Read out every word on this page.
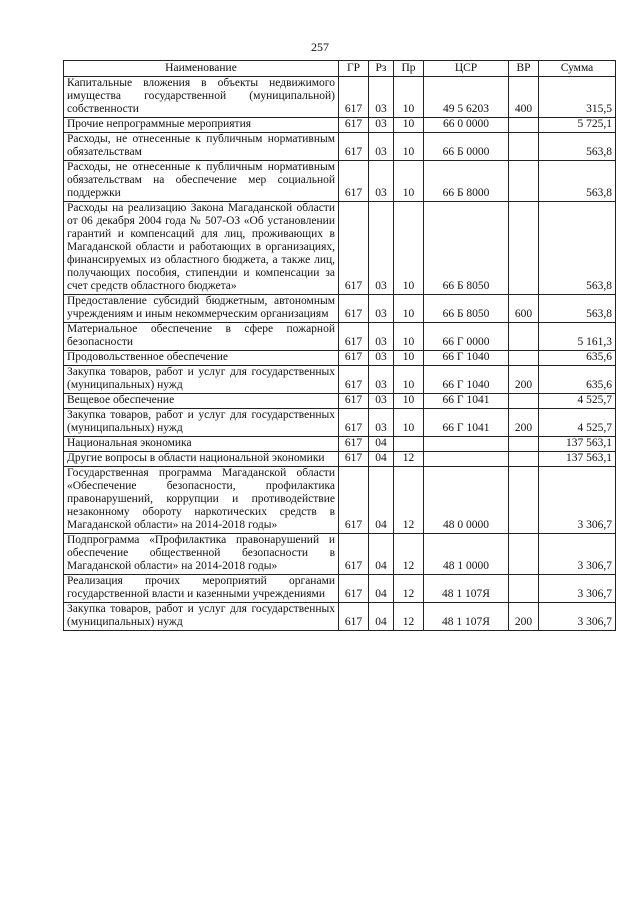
257
Наименование	ГР	Рз	Пр	ЦСР	ВР	Сумма
Капитальные вложения в объекты недвижимого имущества государственной (муниципальной) собственности	617	03	10	49 5 6203	400	315,5
Прочие непрограммные мероприятия	617	03	10	66 0 0000		5 725,1
Расходы, не отнесенные к публичным нормативным обязательствам	617	03	10	66 Б 0000		563,8
Расходы, не отнесенные к публичным нормативным обязательствам на обеспечение мер социальной поддержки	617	03	10	66 Б 8000		563,8
Расходы на реализацию Закона Магаданской области от 06 декабря 2004 года № 507-ОЗ «Об установлении гарантий и компенсаций для лиц, проживающих в Магаданской области и работающих в организациях, финансируемых из областного бюджета, а также лиц, получающих пособия, стипендии и компенсации за счет средств областного бюджета»	617	03	10	66 Б 8050		563,8
Предоставление субсидий бюджетным, автономным учреждениям и иным некоммерческим организациям	617	03	10	66 Б 8050	600	563,8
Материальное обеспечение в сфере пожарной безопасности	617	03	10	66 Г 0000		5 161,3
Продовольственное обеспечение	617	03	10	66 Г 1040		635,6
Закупка товаров, работ и услуг для государственных (муниципальных) нужд	617	03	10	66 Г 1040	200	635,6
Вещевое обеспечение	617	03	10	66 Г 1041		4 525,7
Закупка товаров, работ и услуг для государственных (муниципальных) нужд	617	03	10	66 Г 1041	200	4 525,7
Национальная экономика	617	04				137 563,1
Другие вопросы в области национальной экономики	617	04	12			137 563,1
Государственная программа Магаданской области «Обеспечение безопасности, профилактика правонарушений, коррупции и противодействие незаконному обороту наркотических средств в Магаданской области» на 2014-2018 годы»	617	04	12	48 0 0000		3 306,7
Подпрограмма «Профилактика правонарушений и обеспечение общественной безопасности в Магаданской области» на 2014-2018 годы»	617	04	12	48 1 0000		3 306,7
Реализация прочих мероприятий органами государственной власти и казенными учреждениями	617	04	12	48 1 107Я		3 306,7
Закупка товаров, работ и услуг для государственных (муниципальных) нужд	617	04	12	48 1 107Я	200	3 306,7
